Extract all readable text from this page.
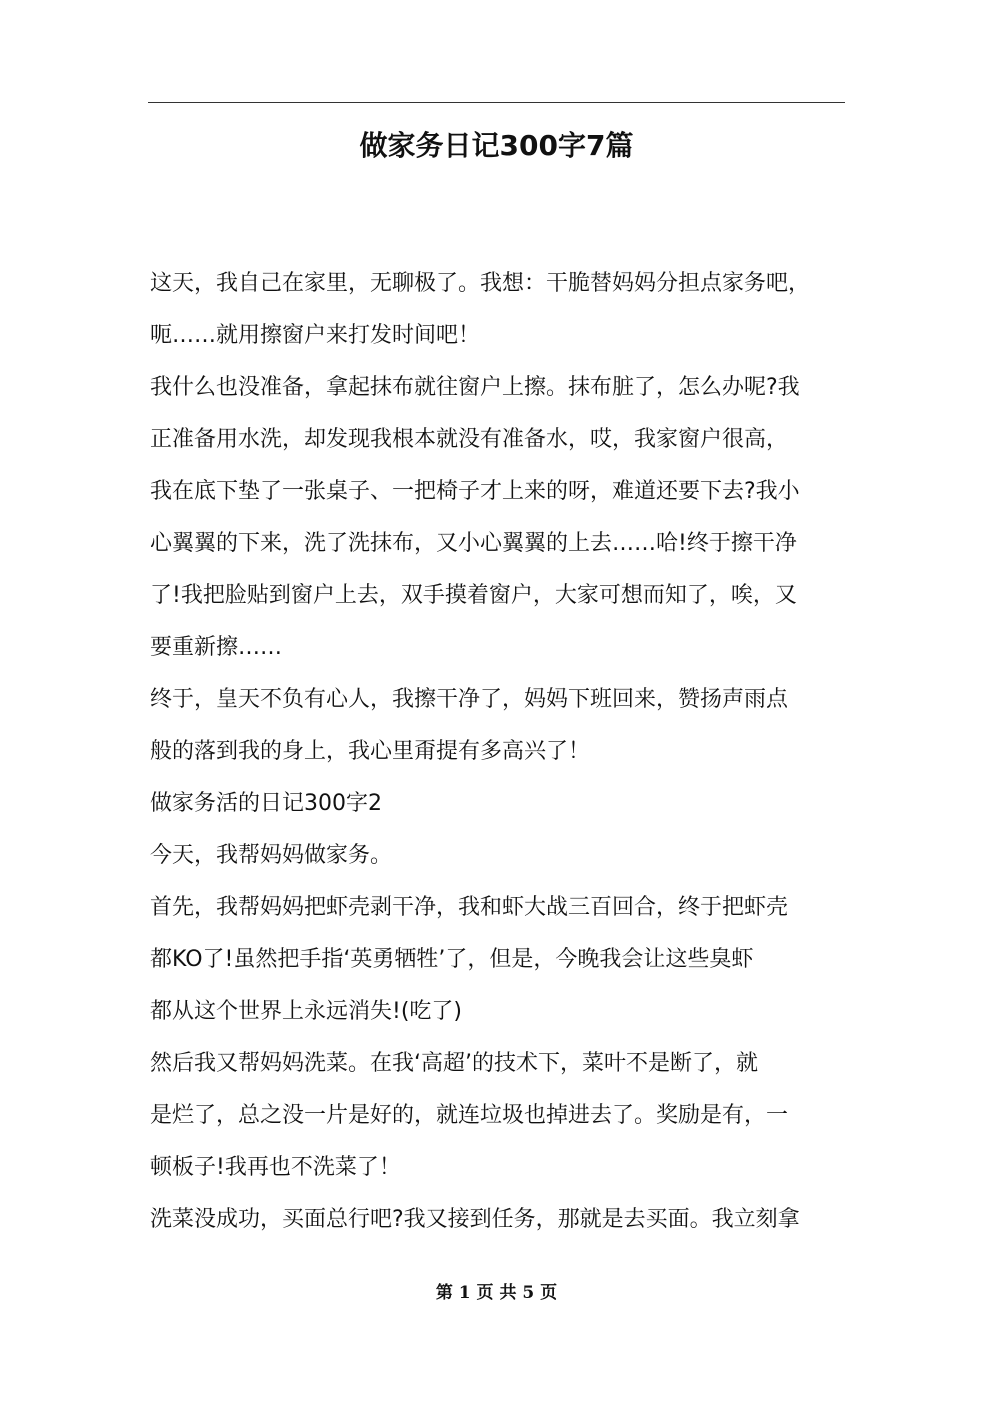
做家务日记300字7篇
这天，我自己在家里，无聊极了。我想：干脆替妈妈分担点家务吧，
呃……就用擦窗户来打发时间吧！
我什么也没准备，拿起抹布就往窗户上擦。抹布脏了，怎么办呢?我
正准备用水洗，却发现我根本就没有准备水，哎，我家窗户很高，
我在底下垫了一张桌子、一把椅子才上来的呀，难道还要下去?我小
心翼翼的下来，洗了洗抹布，又小心翼翼的上去……哈!终于擦干净
了!我把脸贴到窗户上去，双手摸着窗户，大家可想而知了，唉，又
要重新擦……
终于，皇天不负有心人，我擦干净了，妈妈下班回来，赞扬声雨点
般的落到我的身上，我心里甭提有多高兴了！
做家务活的日记300字2
今天，我帮妈妈做家务。
首先，我帮妈妈把虾壳剥干净，我和虾大战三百回合，终于把虾壳
都KO了!虽然把手指‘英勇牺牲’了，但是，今晚我会让这些臭虾
都从这个世界上永远消失!(吃了)
然后我又帮妈妈洗菜。在我‘高超’的技术下，菜叶不是断了，就
是烂了，总之没一片是好的，就连垃圾也掉进去了。奖励是有，一
顿板子!我再也不洗菜了！
洗菜没成功，买面总行吧?我又接到任务，那就是去买面。我立刻拿
第 1 页 共 5 页
